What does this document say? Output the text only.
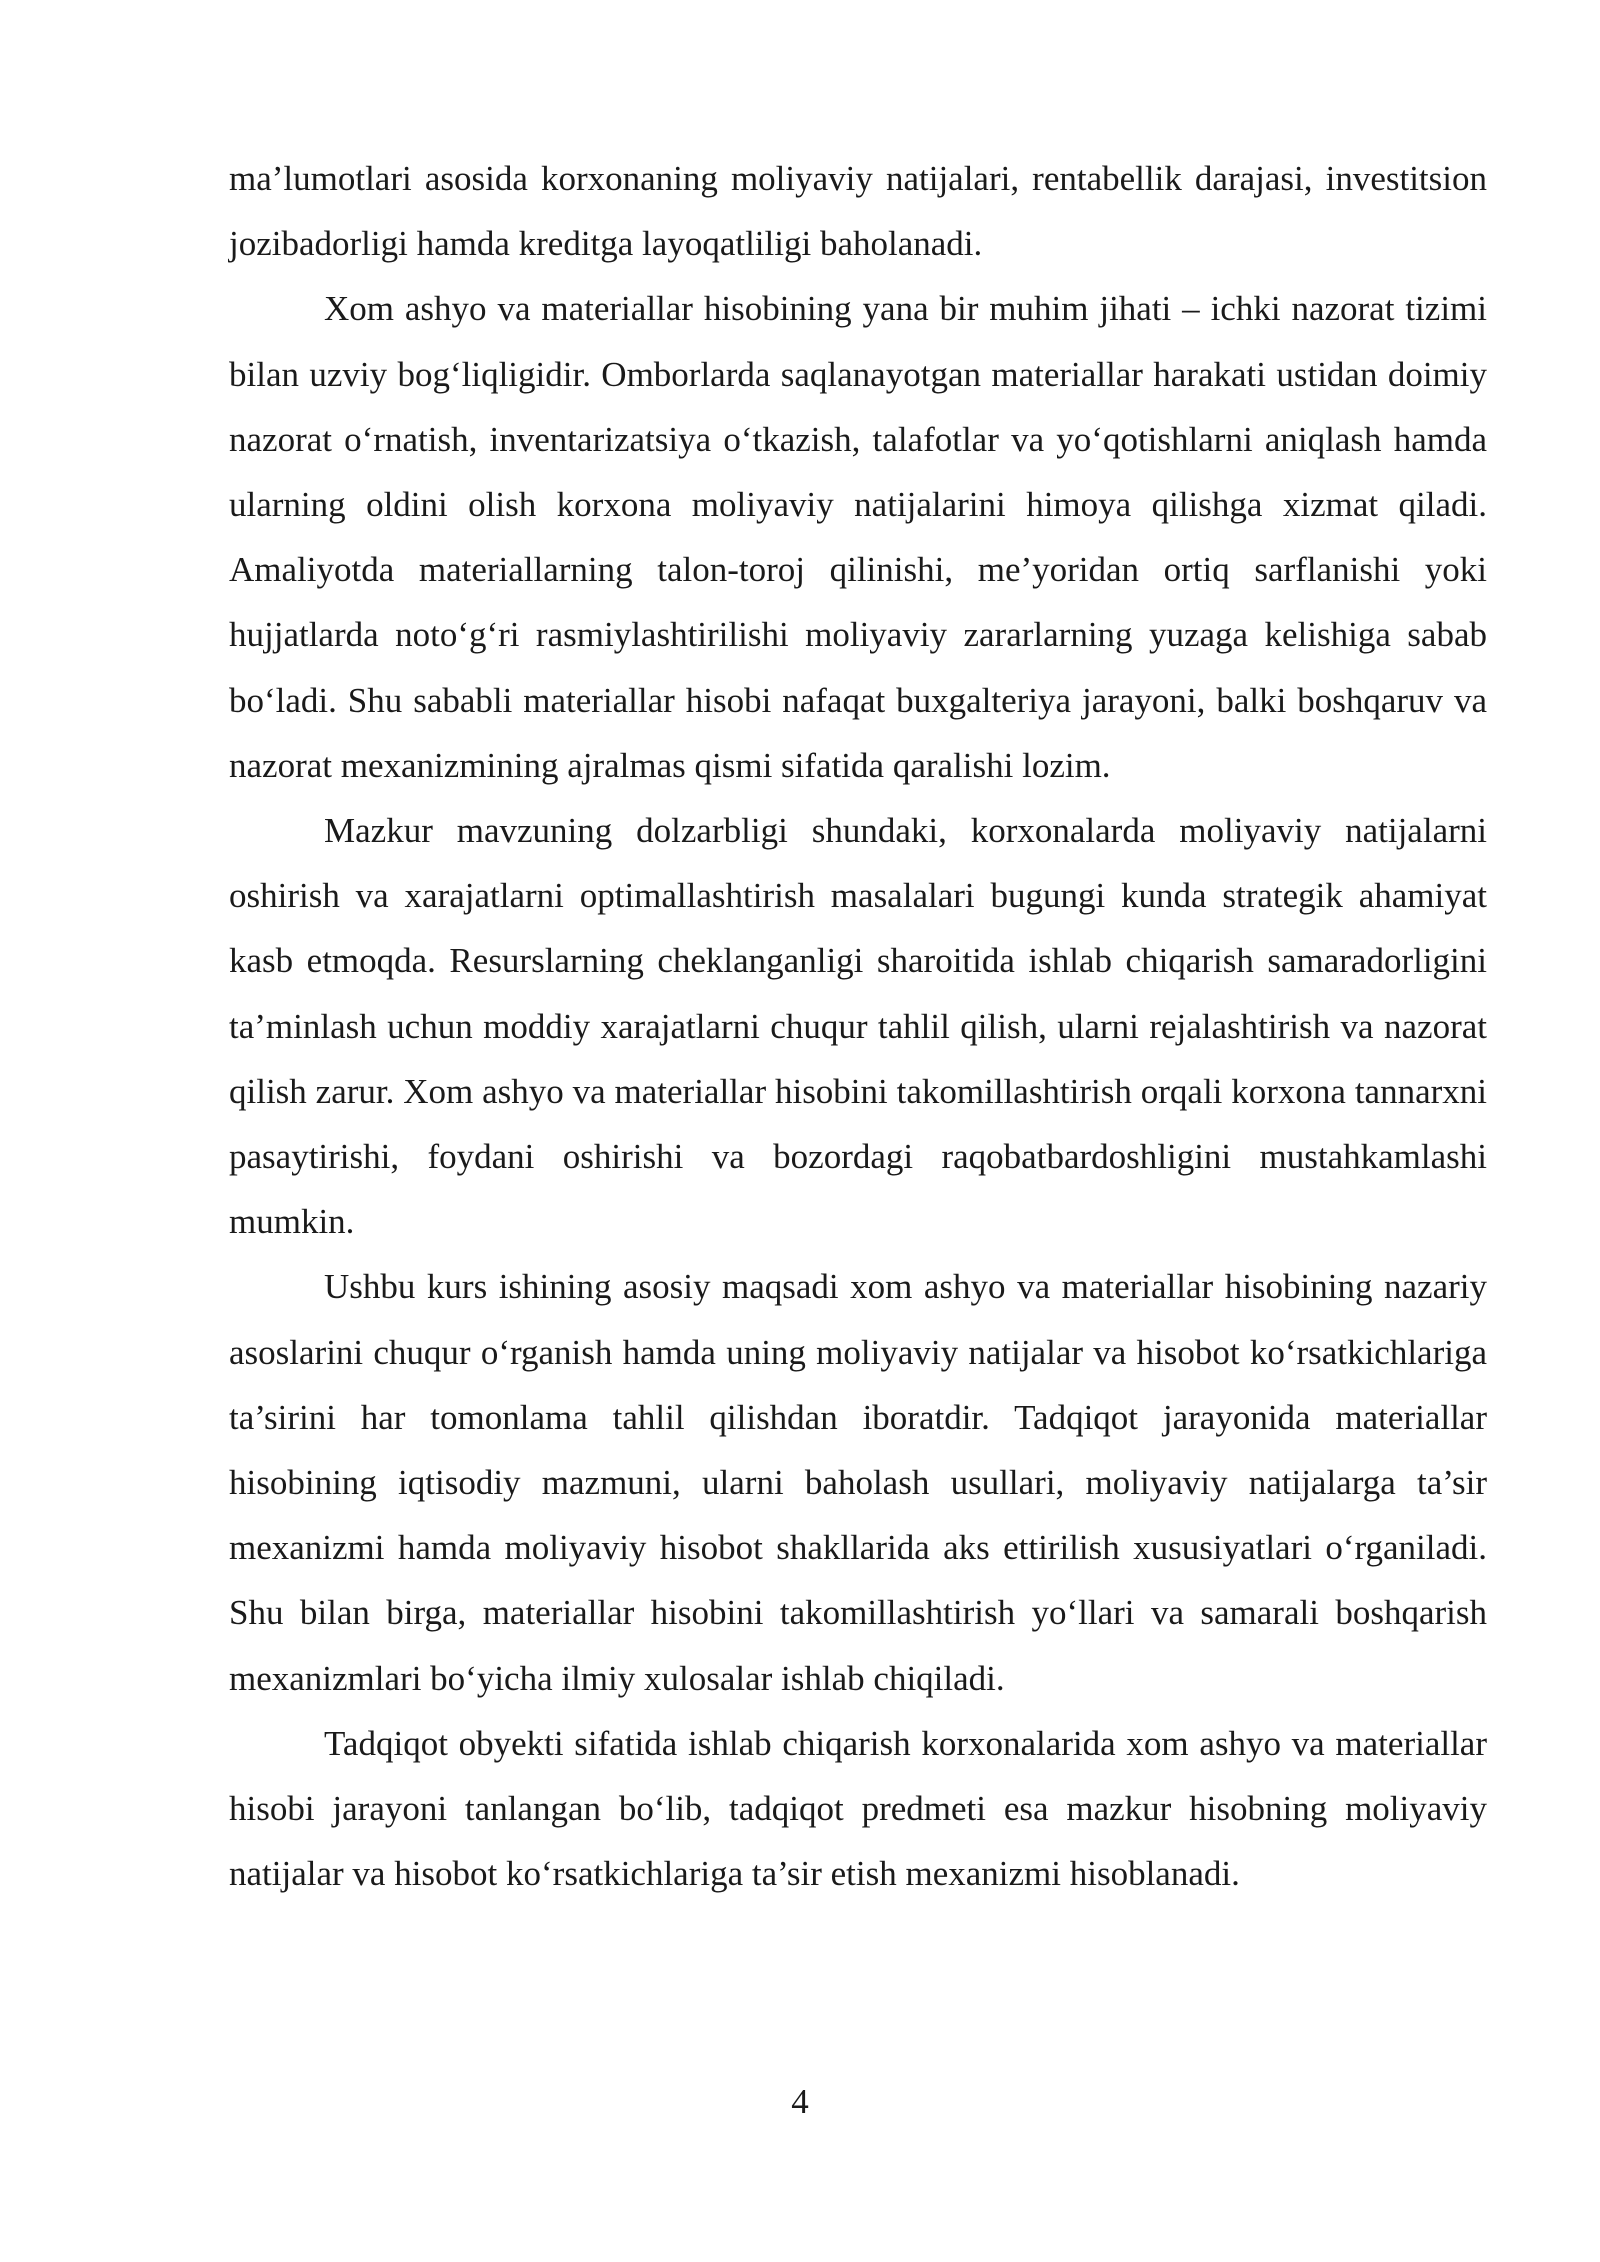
ma’lumotlari asosida korxonaning moliyaviy natijalari, rentabellik darajasi, investitsion jozibadorligi hamda kreditga layoqatliligi baholanadi.

Xom ashyo va materiallar hisobining yana bir muhim jihati – ichki nazorat tizimi bilan uzviy bog‘liqligidir. Omborlarda saqlanayotgan materiallar harakati ustidan doimiy nazorat o‘rnatish, inventarizatsiya o‘tkazish, talafotlar va yo‘qotishlarni aniqlash hamda ularning oldini olish korxona moliyaviy natijalarini himoya qilishga xizmat qiladi. Amaliyotda materiallarning talon-toroj qilinishi, me’yoridan ortiq sarflanishi yoki hujjatlarda noto‘g‘ri rasmiylashtirilishi moliyaviy zararlarning yuzaga kelishiga sabab bo‘ladi. Shu sababli materiallar hisobi nafaqat buxgalteriya jarayoni, balki boshqaruv va nazorat mexanizmining ajralmas qismi sifatida qaralishi lozim.

Mazkur mavzuning dolzarbligi shundaki, korxonalarda moliyaviy natijalarni oshirish va xarajatlarni optimallashtirish masalalari bugungi kunda strategik ahamiyat kasb etmoqda. Resurslarning cheklanganligi sharoitida ishlab chiqarish samaradorligini ta’minlash uchun moddiy xarajatlarni chuqur tahlil qilish, ularni rejalashtirish va nazorat qilish zarur. Xom ashyo va materiallar hisobini takomillashtirish orqali korxona tannarxni pasaytirishi, foydani oshirishi va bozordagi raqobatbardoshligini mustahkamlashi mumkin.

Ushbu kurs ishining asosiy maqsadi xom ashyo va materiallar hisobining nazariy asoslarini chuqur o‘rganish hamda uning moliyaviy natijalar va hisobot ko‘rsatkichlariga ta’sirini har tomonlama tahlil qilishdan iboratdir. Tadqiqot jarayonida materiallar hisobining iqtisodiy mazmuni, ularni baholash usullari, moliyaviy natijalarga ta’sir mexanizmi hamda moliyaviy hisobot shakllarida aks ettirilish xususiyatlari o‘rganiladi. Shu bilan birga, materiallar hisobini takomillashtirish yo‘llari va samarali boshqarish mexanizmlari bo‘yicha ilmiy xulosalar ishlab chiqiladi.

Tadqiqot obyekti sifatida ishlab chiqarish korxonalarida xom ashyo va materiallar hisobi jarayoni tanlangan bo‘lib, tadqiqot predmeti esa mazkur hisobning moliyaviy natijalar va hisobot ko‘rsatkichlariga ta’sir etish mexanizmi hisoblanadi.

4
